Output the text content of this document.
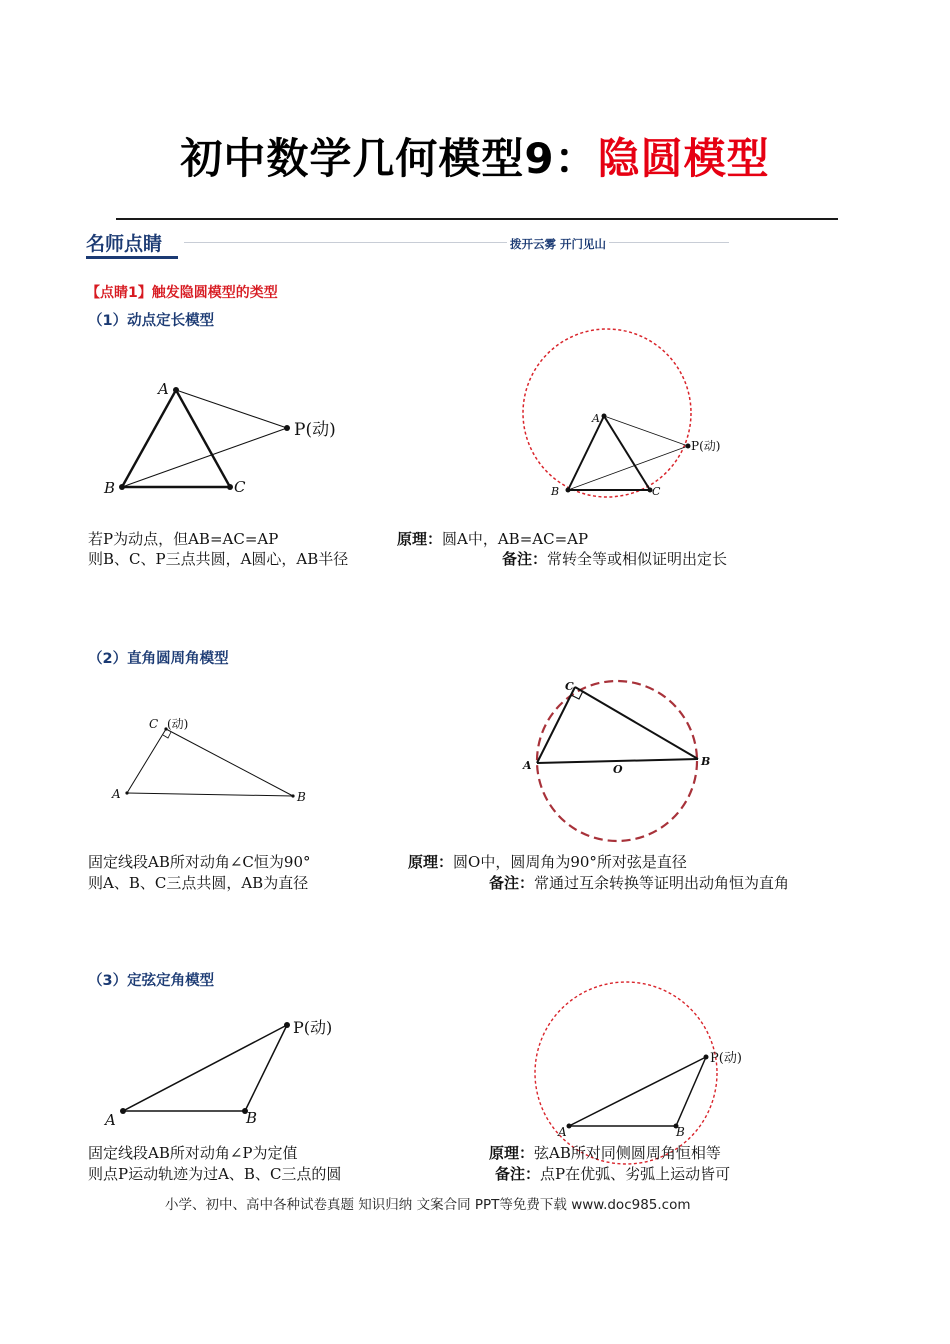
初中数学几何模型9：隐圆模型
名师点睛	拨开云雾 开门见山
【点睛1】触发隐圆模型的类型
（1）动点定长模型
A
B	C
P(动)
A
B	C
P(动)
若P为动点，但AB=AC=AP
则B、C、P三点共圆，A圆心，AB半径
原理：圆A中，AB=AC=AP
备注：常转全等或相似证明出定长
（2）直角圆周角模型
C (动)
A	B
C
A	B
O
固定线段AB所对动角∠C恒为90°
则A、B、C三点共圆，AB为直径
原理：圆O中，圆周角为90°所对弦是直径
备注：常通过互余转换等证明出动角恒为直角
（3）定弦定角模型
A	B
P(动)
A	B
P(动)
固定线段AB所对动角∠P为定值
则点P运动轨迹为过A、B、C三点的圆
原理：弦AB所对同侧圆周角恒相等
备注：点P在优弧、劣弧上运动皆可
小学、初中、高中各种试卷真题 知识归纳 文案合同 PPT等免费下载 www.doc985.com
